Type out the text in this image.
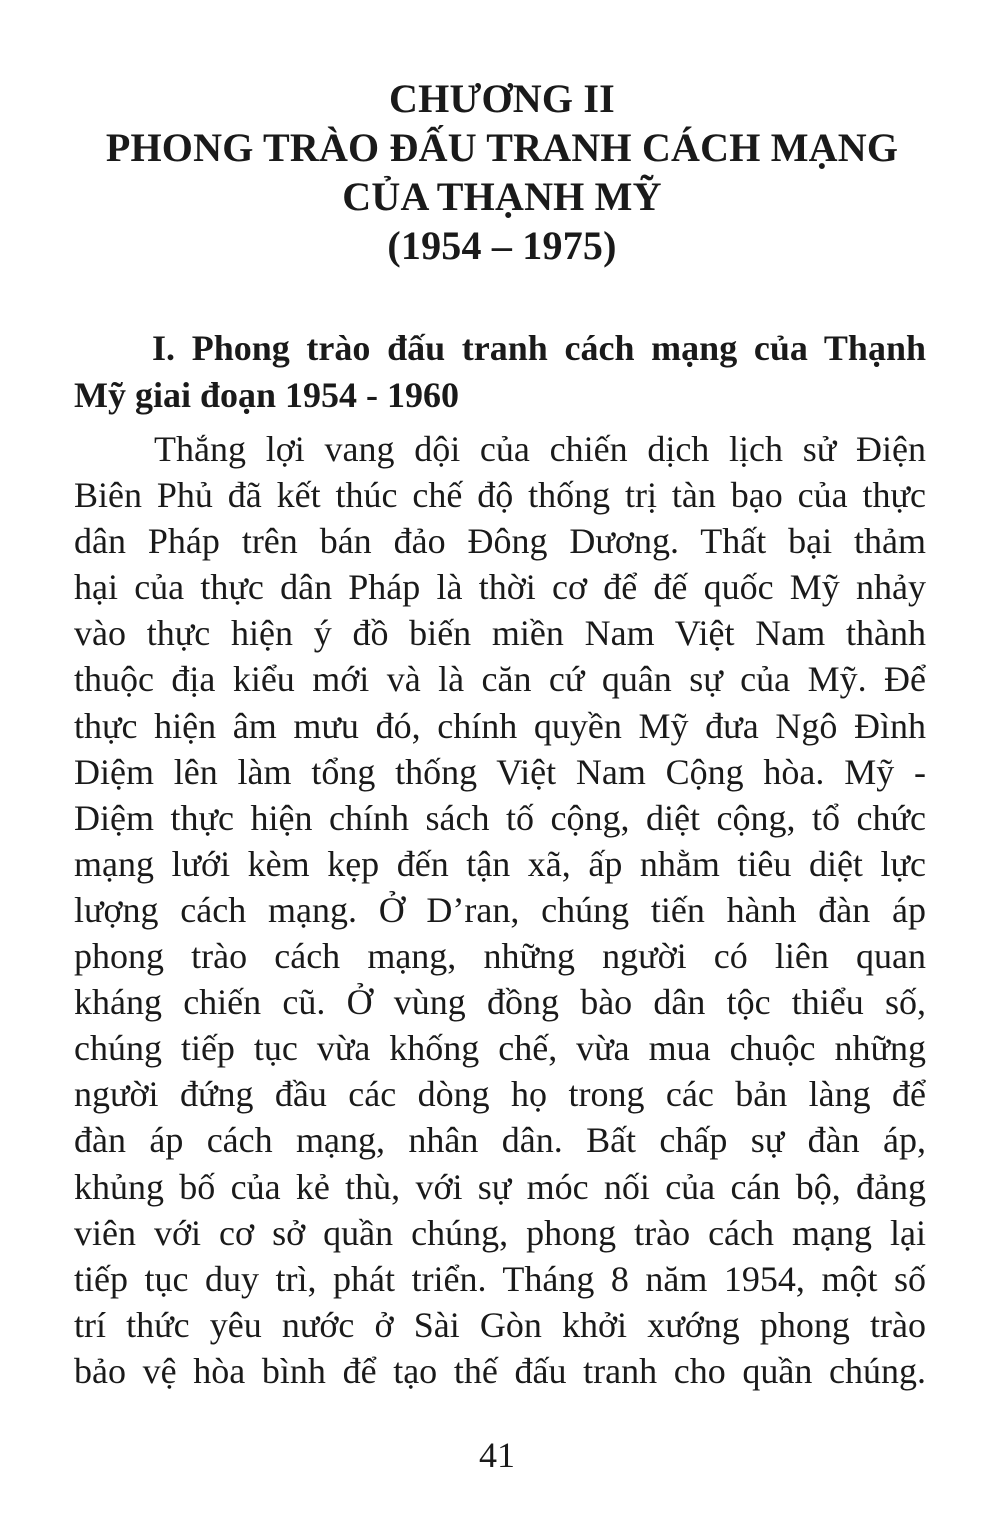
CHƯƠNG II
PHONG TRÀO ĐẤU TRANH CÁCH MẠNG
CỦA THẠNH MỸ
(1954 – 1975)
I. Phong trào đấu tranh cách mạng của Thạnh
Mỹ giai đoạn 1954 - 1960
Thắng lợi vang dội của chiến dịch lịch sử Điện
Biên Phủ đã kết thúc chế độ thống trị tàn bạo của thực
dân Pháp trên bán đảo Đông Dương. Thất bại thảm
hại của thực dân Pháp là thời cơ để đế quốc Mỹ nhảy
vào thực hiện ý đồ biến miền Nam Việt Nam thành
thuộc địa kiểu mới và là căn cứ quân sự của Mỹ. Để
thực hiện âm mưu đó, chính quyền Mỹ đưa Ngô Đình
Diệm lên làm tổng thống Việt Nam Cộng hòa. Mỹ -
Diệm thực hiện chính sách tố cộng, diệt cộng, tổ chức
mạng lưới kèm kẹp đến tận xã, ấp nhằm tiêu diệt lực
lượng cách mạng. Ở D’ran, chúng tiến hành đàn áp
phong trào cách mạng, những người có liên quan
kháng chiến cũ. Ở vùng đồng bào dân tộc thiểu số,
chúng tiếp tục vừa khống chế, vừa mua chuộc những
người đứng đầu các dòng họ trong các bản làng để
đàn áp cách mạng, nhân dân. Bất chấp sự đàn áp,
khủng bố của kẻ thù, với sự móc nối của cán bộ, đảng
viên với cơ sở quần chúng, phong trào cách mạng lại
tiếp tục duy trì, phát triển. Tháng 8 năm 1954, một số
trí thức yêu nước ở Sài Gòn khởi xướng phong trào
bảo vệ hòa bình để tạo thế đấu tranh cho quần chúng.
41
